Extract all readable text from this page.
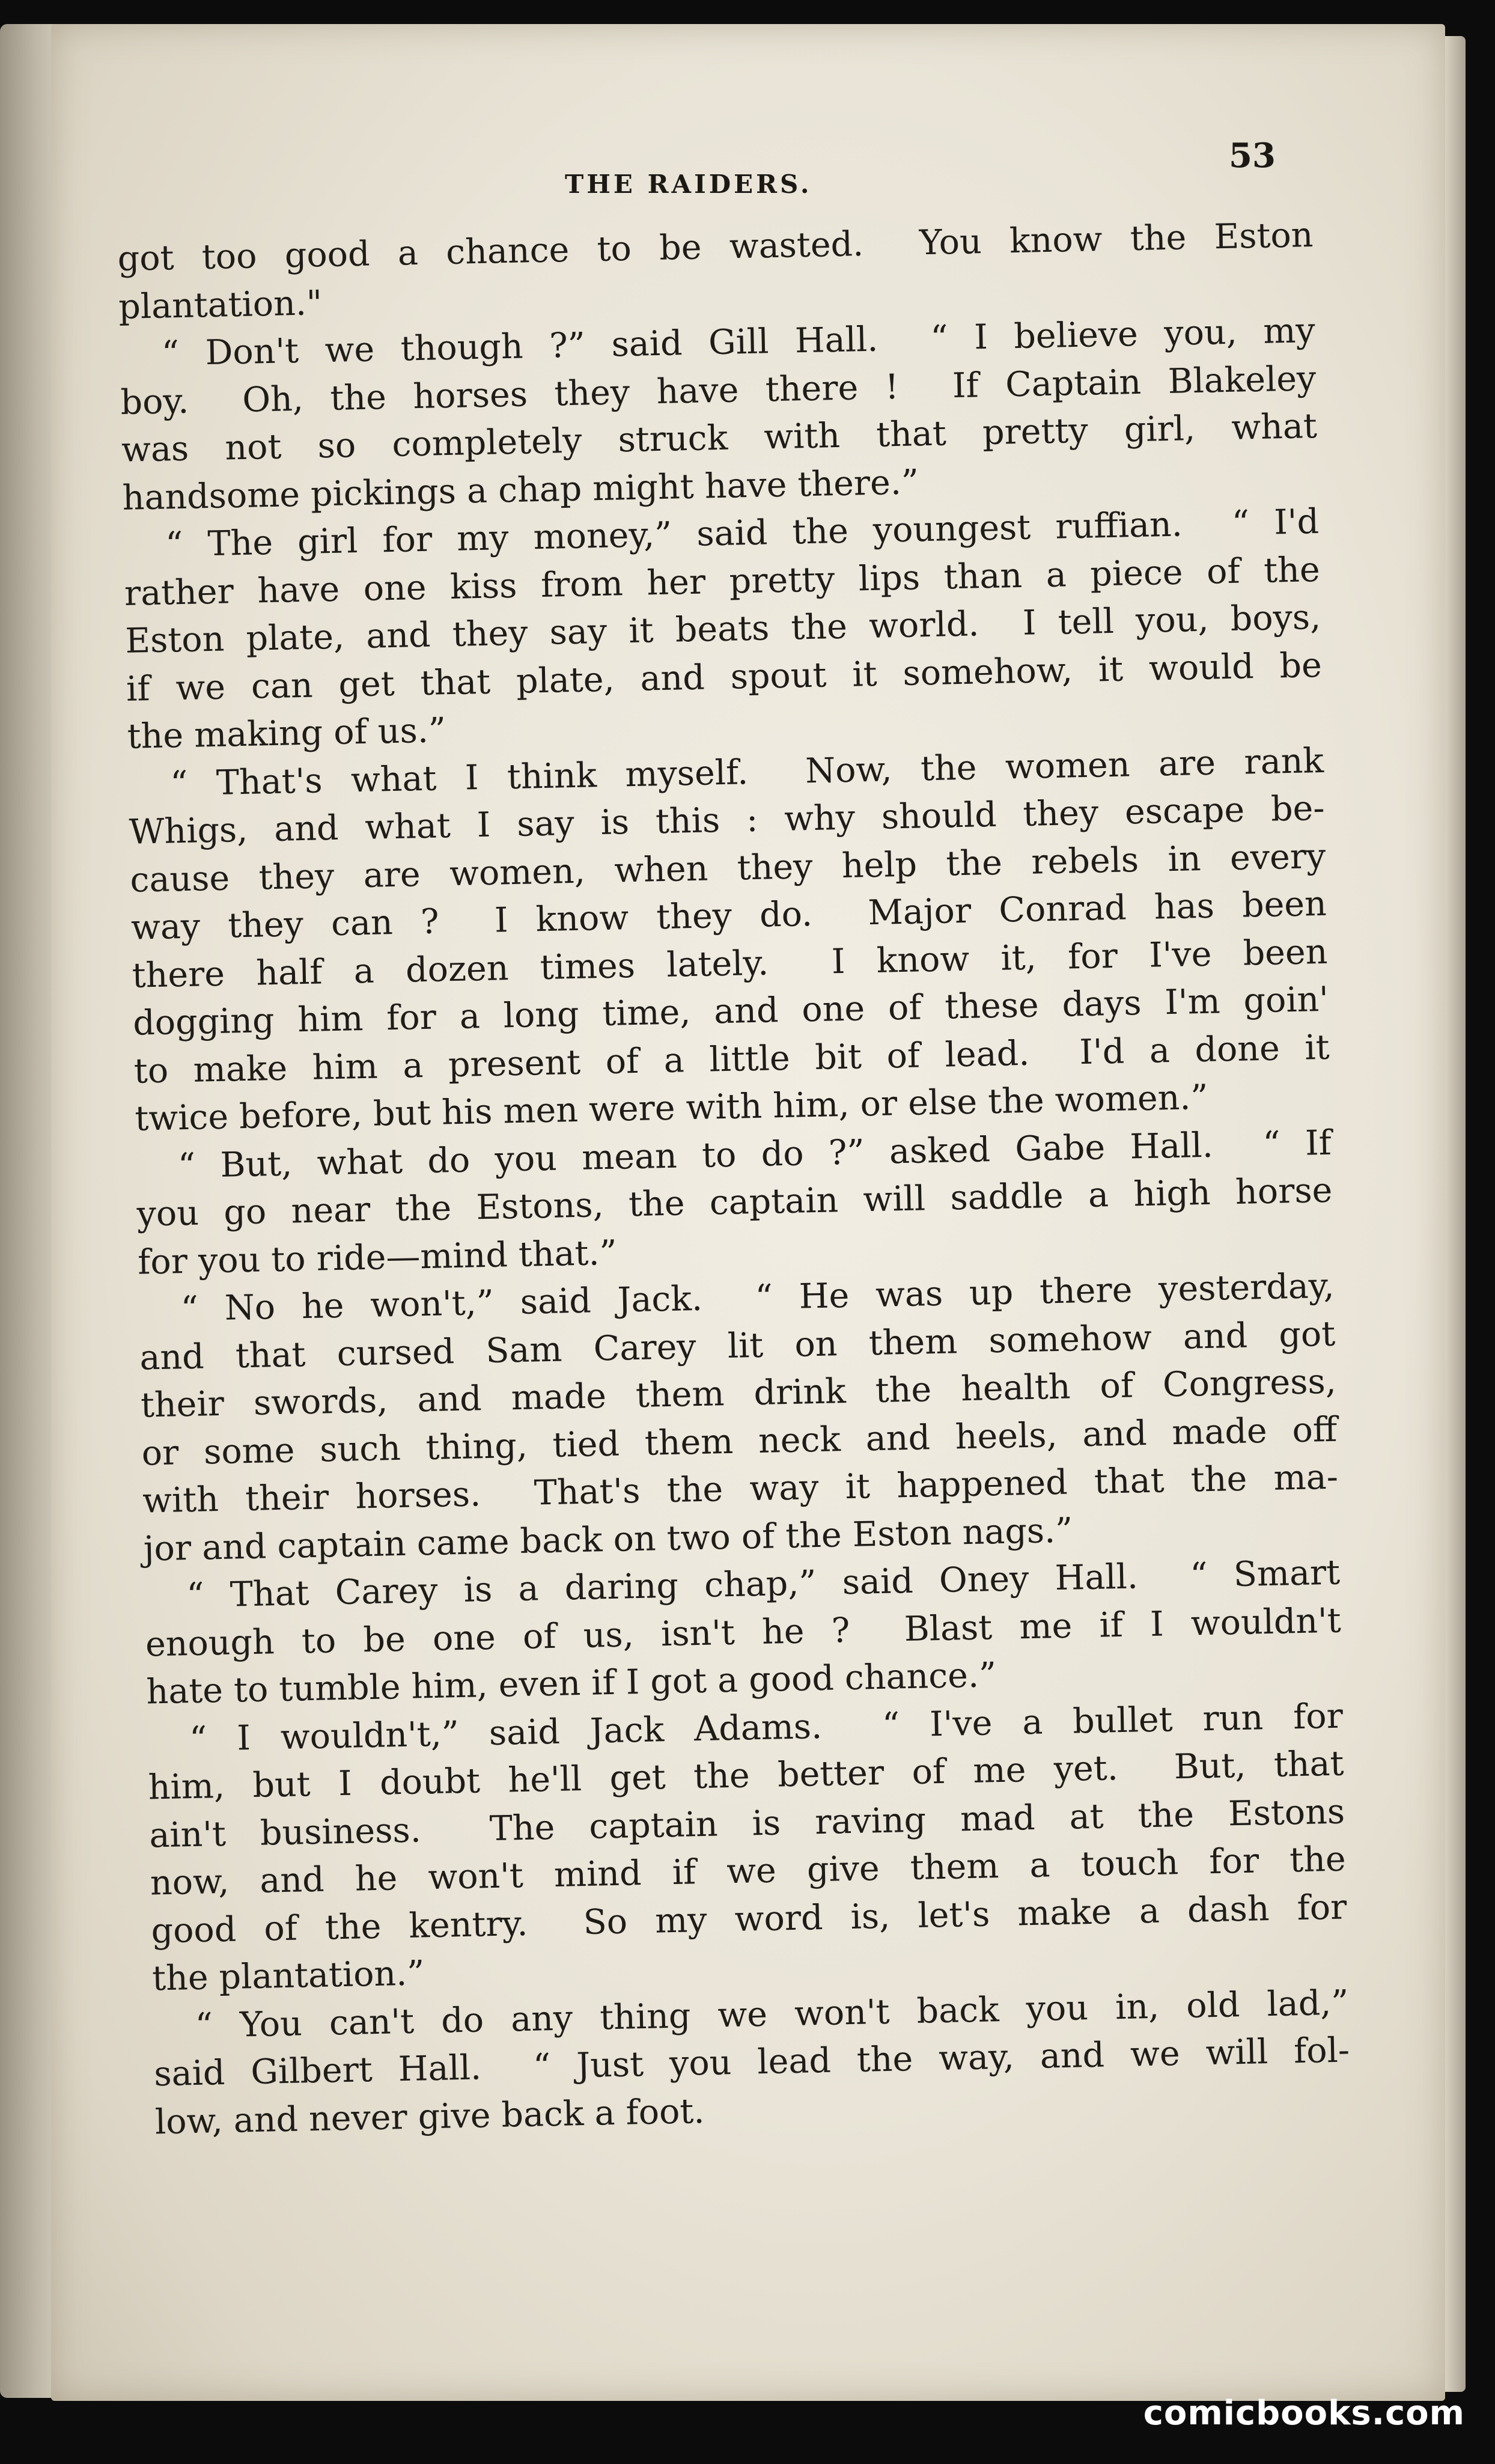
THE RAIDERS.
53
got too good a chance to be wasted.  You know the Eston
plantation."
“ Don't we though ?” said Gill Hall.  “ I believe you, my
boy.  Oh, the horses they have there !  If Captain Blakeley
was not so completely struck with that pretty girl, what
handsome pickings a chap might have there.”
“ The girl for my money,” said the youngest ruffian.  “ I'd
rather have one kiss from her pretty lips than a piece of the
Eston plate, and they say it beats the world.  I tell you, boys,
if we can get that plate, and spout it somehow, it would be
the making of us.”
“ That's what I think myself.  Now, the women are rank
Whigs, and what I say is this : why should they escape be-
cause they are women, when they help the rebels in every
way they can ?  I know they do.  Major Conrad has been
there half a dozen times lately.  I know it, for I've been
dogging him for a long time, and one of these days I'm goin'
to make him a present of a little bit of lead.  I'd a done it
twice before, but his men were with him, or else the women.”
“ But, what do you mean to do ?” asked Gabe Hall.  “ If
you go near the Estons, the captain will saddle a high horse
for you to ride—mind that.”
“ No he won't,” said Jack.  “ He was up there yesterday,
and that cursed Sam Carey lit on them somehow and got
their swords, and made them drink the health of Congress,
or some such thing, tied them neck and heels, and made off
with their horses.  That's the way it happened that the ma-
jor and captain came back on two of the Eston nags.”
“ That Carey is a daring chap,” said Oney Hall.  “ Smart
enough to be one of us, isn't he ?  Blast me if I wouldn't
hate to tumble him, even if I got a good chance.”
“ I wouldn't,” said Jack Adams.  “ I've a bullet run for
him, but I doubt he'll get the better of me yet.  But, that
ain't business.  The captain is raving mad at the Estons
now, and he won't mind if we give them a touch for the
good of the kentry.  So my word is, let's make a dash for
the plantation.”
“ You can't do any thing we won't back you in, old lad,”
said Gilbert Hall.  “ Just you lead the way, and we will fol-
low, and never give back a foot.
comicbooks.com
